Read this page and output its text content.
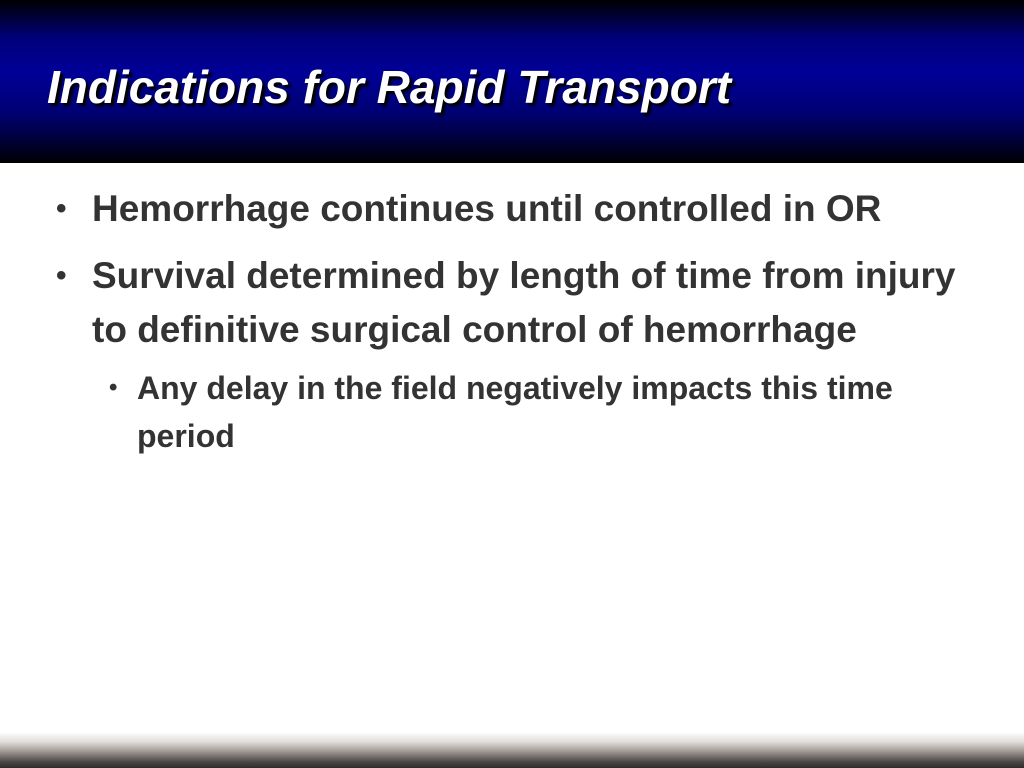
Indications for Rapid Transport
• Hemorrhage continues until controlled in OR
• Survival determined by length of time from injury to definitive surgical control of hemorrhage
• Any delay in the field negatively impacts this time period
